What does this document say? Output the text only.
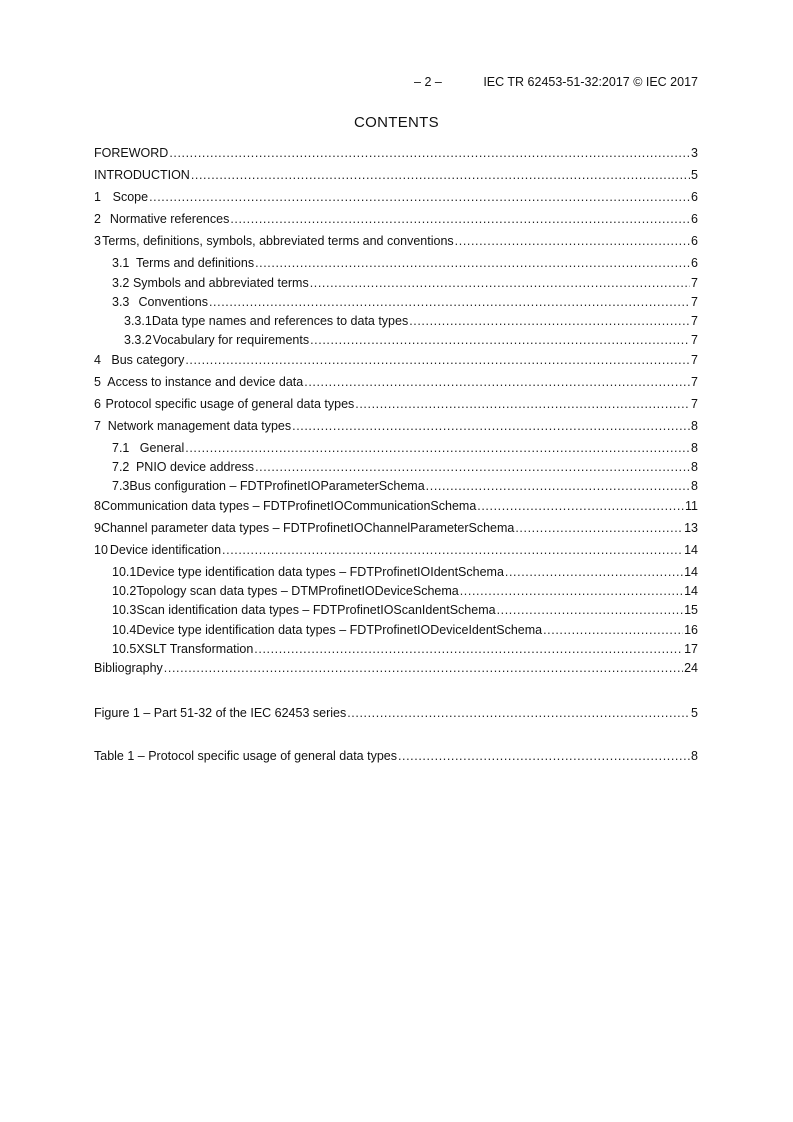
– 2 –	IEC TR 62453-51-32:2017 © IEC 2017
CONTENTS
FOREWORD .....	3
INTRODUCTION .....	5
1 Scope .....	6
2 Normative references .....	6
3 Terms, definitions, symbols, abbreviated terms and conventions .....	6
3.1 Terms and definitions .....	6
3.2 Symbols and abbreviated terms .....	7
3.3 Conventions .....	7
3.3.1 Data type names and references to data types .....	7
3.3.2 Vocabulary for requirements .....	7
4 Bus category .....	7
5 Access to instance and device data .....	7
6 Protocol specific usage of general data types .....	7
7 Network management data types .....	8
7.1 General .....	8
7.2 PNIO device address .....	8
7.3 Bus configuration – FDTProfinetIOParameterSchema .....	8
8 Communication data types – FDTProfinetIOCommunicationSchema .....	11
9 Channel parameter data types – FDTProfinetIOChannelParameterSchema .....	13
10 Device identification .....	14
10.1 Device type identification data types – FDTProfinetIOIdentSchema .....	14
10.2 Topology scan data types – DTMProfinetIODeviceSchema .....	14
10.3 Scan identification data types – FDTProfinetIOScanIdentSchema .....	15
10.4 Device type identification data types – FDTProfinetIODeviceIdentSchema .....	16
10.5 XSLT Transformation .....	17
Bibliography .....	24
Figure 1 – Part 51-32 of the IEC 62453 series .....	5
Table 1 – Protocol specific usage of general data types .....	8
